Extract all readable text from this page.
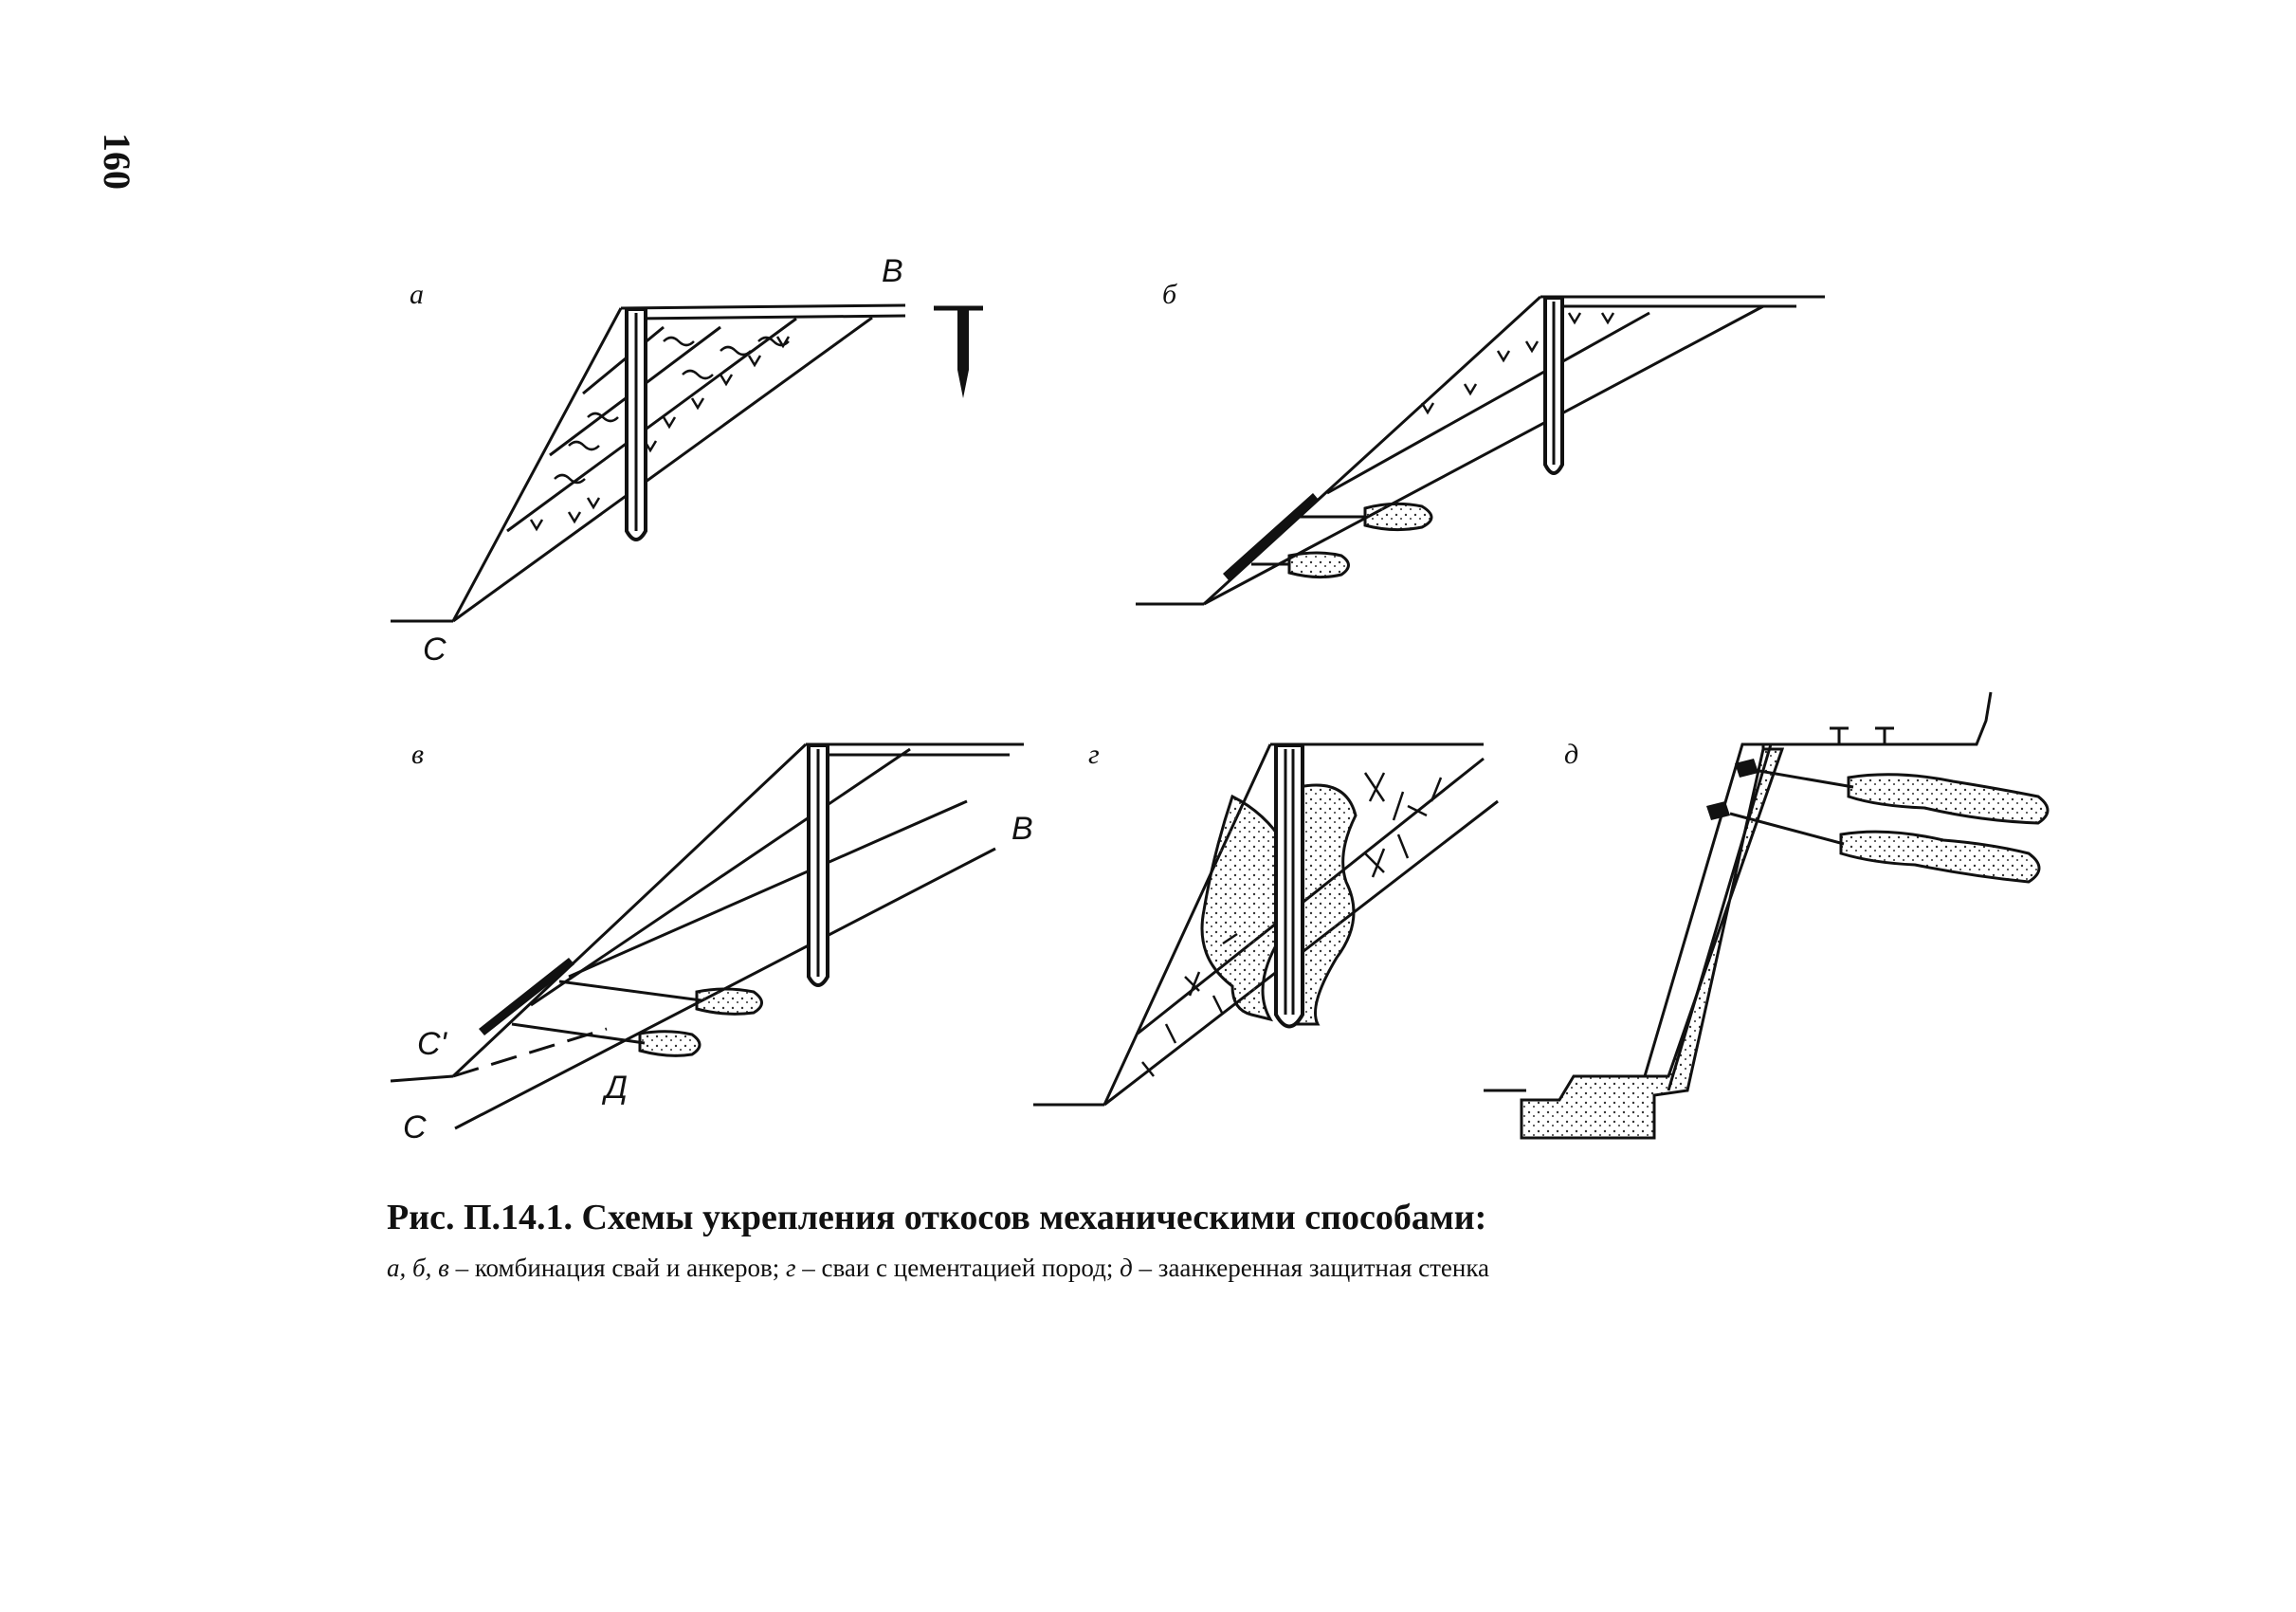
160
а
В
С
б
в
В
С'
С
Д
г	д
Рис. П.14.1. Схемы укрепления откосов механическими способами:
а, б, в – комбинация свай и анкеров; г – сваи с цементацией пород; д – заанкеренная защитная стенка
